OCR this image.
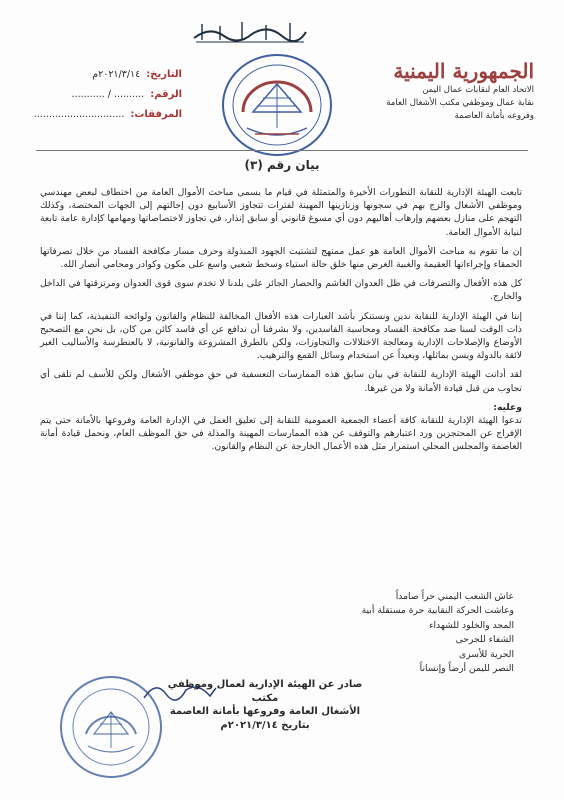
الجمهورية اليمنية
الاتحاد العام لنقابات عمال اليمن
نقابة عمال وموظفي مكتب الأشغال العامة
وفروعه بأمانة العاصمة
التاريخ:
٢٠٢١/٣/١٤م
الرقم:
.......... / ...........
المرفقات:
..............................
بيان رقم (٣)

تابعت الهيئة الإدارية للنقابة التطورات الأخيرة والمتمثلة في قيام ما يسمى مباحث الأموال العامة من اختطاف لبعض مهندسي وموظفي الأشغال والزج بهم في سجونها وزنازينها المهينة لفترات تتجاوز الأسابيع دون إحالتهم إلى الجهات المختصة، وكذلك التهجم على منازل بعضهم وإرهاب أهاليهم دون أي مسوغ قانوني أو سابق إنذار، في تجاوز لاختصاصاتها ومهامها كإدارة عامة تابعة لنيابة الأموال العامة.

إن ما تقوم به مباحث الأموال العامة هو عمل ممنهج لتشتيت الجهود المبذولة وحرف مسار مكافحة الفساد من خلال تصرفاتها الحمقاء وإجراءاتها العقيمة والغبية الغرض منها خلق حالة استياء وسخط شعبي واسع على مكون وكوادر ومحامي أنصار الله.

كل هذه الأفعال والتصرفات في ظل العدوان الغاشم والحصار الجائر على بلدنا لا تخدم سوى قوى العدوان ومرتزقتها في الداخل والخارج.

إننا في الهيئة الإدارية للنقابة ندين ونستنكر بأشد العبارات هذه الأفعال المخالفة للنظام والقانون ولوائحه التنفيذية، كما إننا في ذات الوقت لسنا ضد مكافحة الفساد ومحاسبة الفاسدين، ولا بشرفنا أن ندافع عن أي فاسد كائن من كان، بل نحن مع التصحيح الأوضاع والإصلاحات الإدارية ومعالجة الاختلالات والتجاوزات، ولكن بالطرق المشروعة والقانونية، لا بالعنطرسة والأساليب الغير لائقة بالدولة ويسن بماثلها، وبعيداً عن استخدام وسائل القمع والترهيب.

لقد أدانت الهيئة الإدارية للنقابة في بيان سابق هذه الممارسات التعسفية في حق موظفي الأشغال ولكن للأسف لم تلقى أي تجاوب من قبل قيادة الأمانة ولا من غيرها.

وعليه:

تدعوا الهيئة الإدارية للنقابة كافة أعضاء الجمعية العمومية للنقابة إلى تعليق العمل في الإدارة العامة وفروعها بالأمانة حتى يتم الإفراج عن المحتجزين ورد اعتبارهم والتوقف عن هذه الممارسات المهينة والمذلة في حق الموظف العام، ونحمل قيادة أمانة العاصمة والمجلس المحلي استمرار مثل هذه الأعمال الخارجة عن النظام والقانون.

عاش الشعب اليمني حراً صامداً
وعاشت الحركة النقابية حرة مستقلة أبية
المجد والخلود للشهداء
الشفاء للجرحى
الحرية للأسرى
النصر لليمن أرضاً وإنساناً
صادر عن الهيئة الإدارية لعمال وموظفي مكتب
الأشغال العامة وفروعها بأمانة العاصمة
بتاريخ ٢٠٢١/٣/١٤م
